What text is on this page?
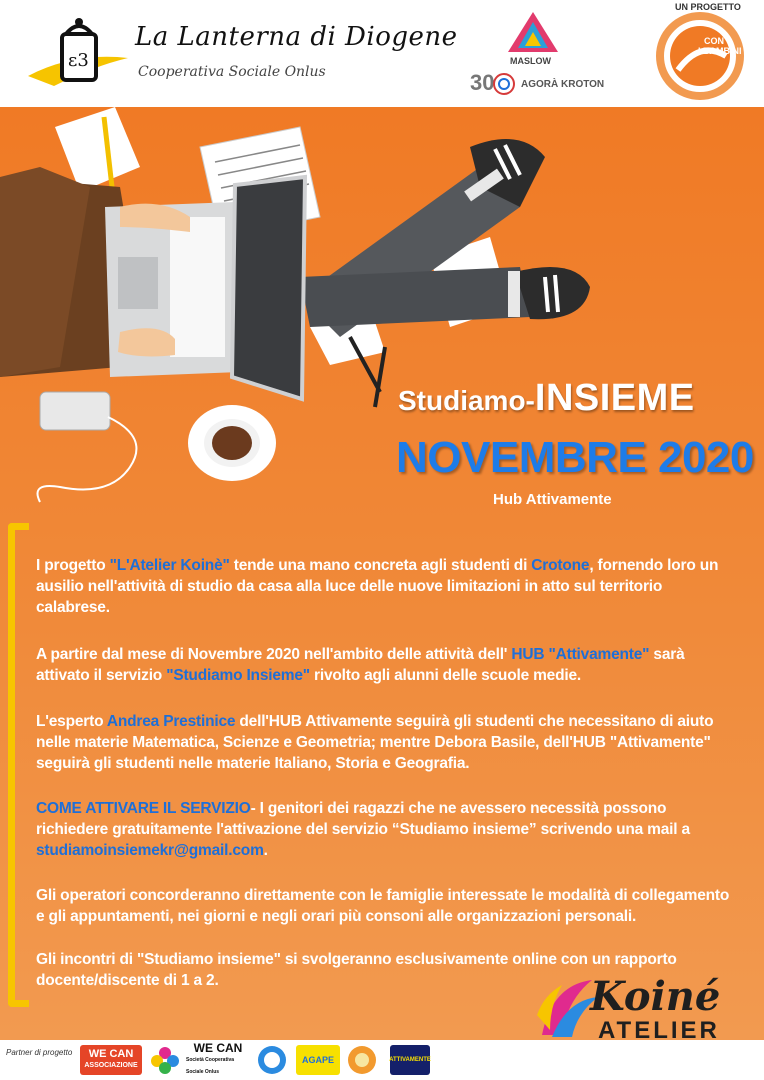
ε3
La Lanterna di Diogene
Cooperativa Sociale Onlus
MASLOW
30	AGORÀ KROTON
UN PROGETTO
CON
I BAMBINI
Studiamo-INSIEME
NOVEMBRE 2020
Hub Attivamente

I progetto "L'Atelier Koinè" tende una mano concreta agli studenti di Crotone, fornendo loro un ausilio nell'attività di studio da casa alla luce delle nuove limitazioni in atto sul territorio calabrese.

A partire dal mese di Novembre 2020 nell'ambito delle attività dell' HUB "Attivamente" sarà attivato il servizio "Studiamo Insieme" rivolto agli alunni delle scuole medie.

L'esperto Andrea Prestinice dell'HUB Attivamente seguirà gli studenti che necessitano di aiuto nelle materie Matematica, Scienze e Geometria; mentre Debora Basile, dell'HUB "Attivamente" seguirà gli studenti nelle materie Italiano, Storia e Geografia.

COME ATTIVARE IL SERVIZIO- I genitori dei ragazzi che ne avessero necessità possono richiedere gratuitamente l'attivazione del servizio “Studiamo insieme” scrivendo una mail a studiamoinsiemekr@gmail.com.

Gli operatori concorderanno direttamente con le famiglie interessate le modalità di collegamento e gli appuntamenti, nei giorni e negli orari più consoni alle organizzazioni personali.

Gli incontri di "Studiamo insieme" si svolgeranno esclusivamente online con un rapporto docente/discente di 1 a 2.	Koiné
ATELIER
Partner di progetto WE CAN
ASSOCIAZIONE
WE CAN
Società Cooperativa Sociale Onlus
AGAPE	ATTIVAMENTE
